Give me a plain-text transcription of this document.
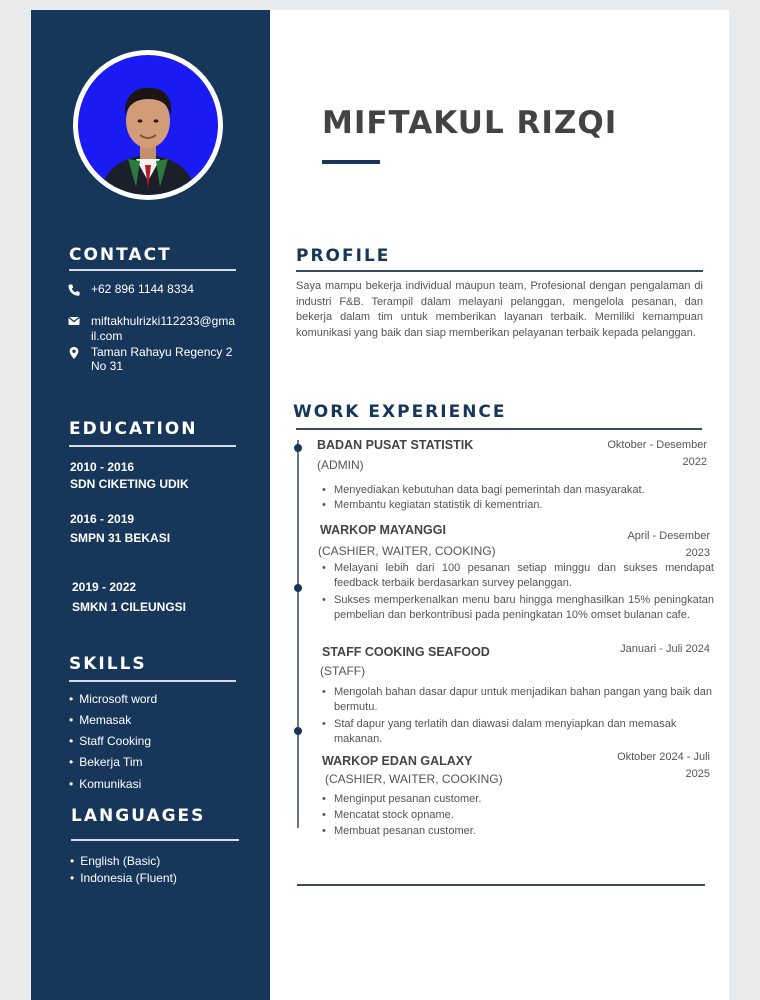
CONTACT
+62 896 1144 8334
miftakhulrizki112233@gma
il.com
Taman Rahayu Regency 2
No 31
EDUCATION
2010 - 2016
SDN CIKETING UDIK
2016 - 2019
SMPN 31 BEKASI
2019 - 2022
SMKN 1 CILEUNGSI
SKILLS
• Microsoft word
• Memasak
• Staff Cooking
• Bekerja Tim
• Komunikasi
LANGUAGES
• English (Basic)
• Indonesia (Fluent)
MIFTAKUL RIZQI
PROFILE
Saya mampu bekerja individual maupun team, Profesional dengan pengalaman di industri F&B. Terampil dalam melayani pelanggan, mengelola pesanan, dan bekerja dalam tim untuk memberikan layanan terbaik. Memiliki kemampuan komunikasi yang baik dan siap memberikan pelayanan terbaik kepada pelanggan.
WORK EXPERIENCE
BADAN PUSAT STATISTIK
(ADMIN)
Oktober - Desember
2022
• Menyediakan kebutuhan data bagi pemerintah dan masyarakat.
• Membantu kegiatan statistik di kementrian.
WARKOP MAYANGGI
(CASHIER, WAITER, COOKING)
April - Desember
2023
• Melayani lebih dari 100 pesanan setiap minggu dan sukses mendapat feedback terbaik berdasarkan survey pelanggan.
• Sukses memperkenalkan menu baru hingga menghasilkan 15% peningkatan pembelian dan berkontribusi pada peningkatan 10% omset bulanan cafe.
STAFF COOKING SEAFOOD
(STAFF)
Januari - Juli 2024
• Mengolah bahan dasar dapur untuk menjadikan bahan pangan yang baik dan bermutu.
• Staf dapur yang terlatih dan diawasi dalam menyiapkan dan memasak makanan.
WARKOP EDAN GALAXY
(CASHIER, WAITER, COOKING)
Oktober 2024 - Juli
2025
• Menginput pesanan customer.
• Mencatat stock opname.
• Membuat pesanan customer.
